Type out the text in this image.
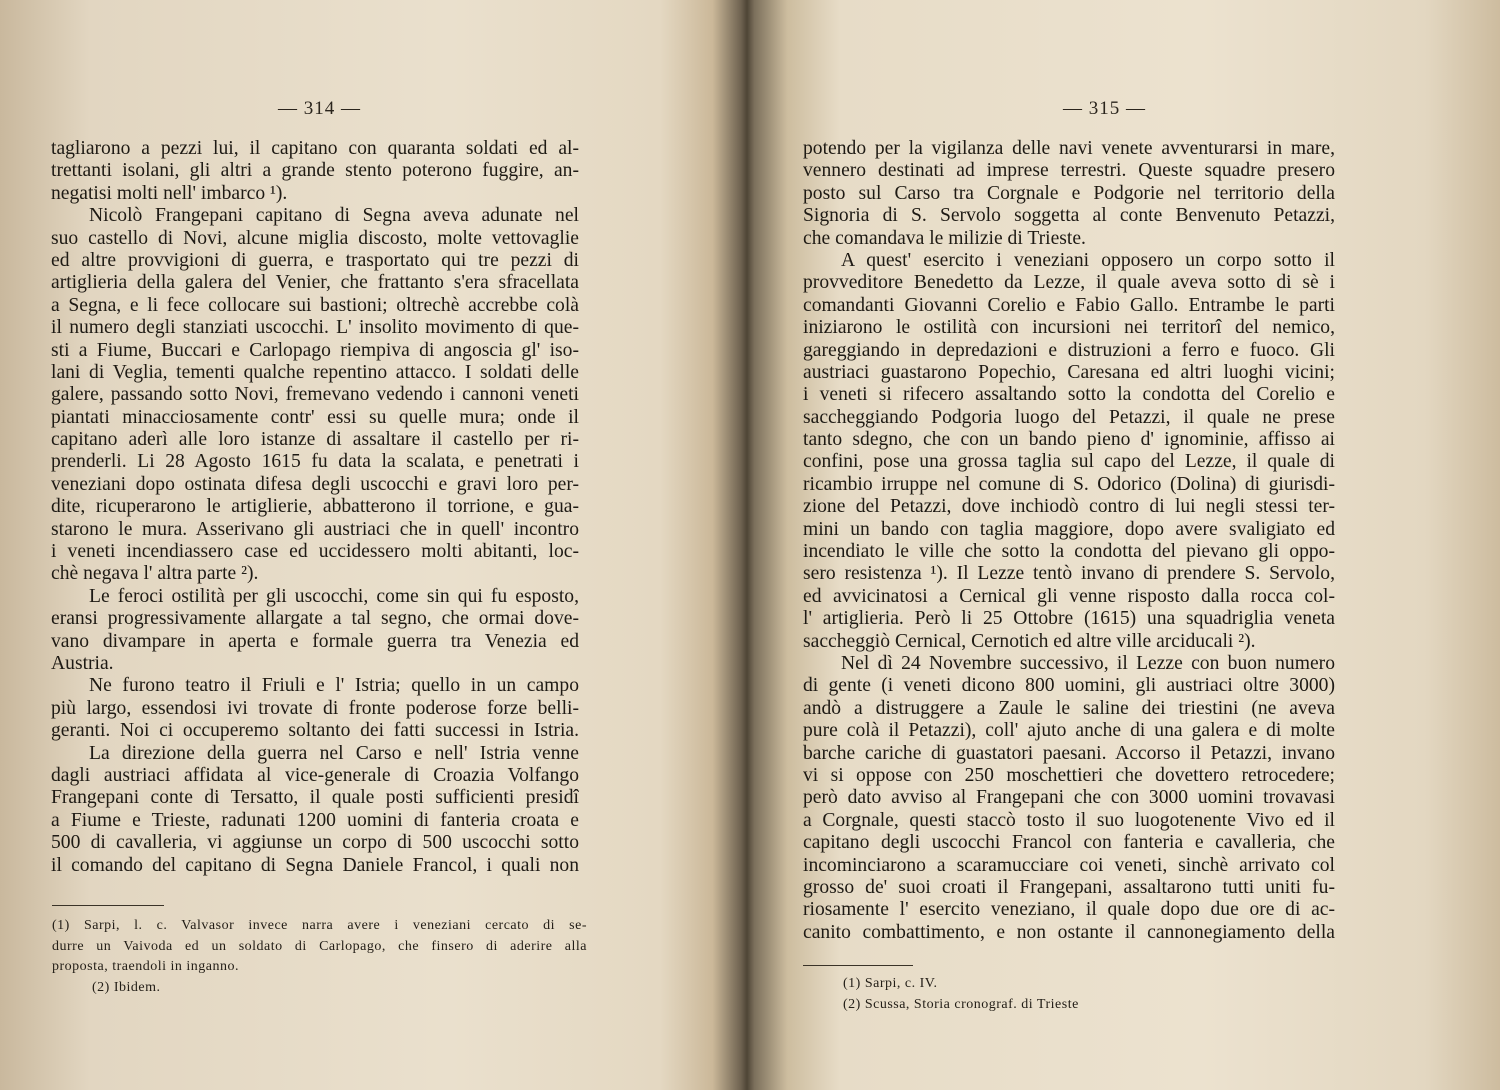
— 314 —
tagliarono a pezzi lui, il capitano con quaranta soldati ed al-
trettanti isolani, gli altri a grande stento poterono fuggire, an-
negatisi molti nell' imbarco ¹).
Nicolò Frangepani capitano di Segna aveva adunate nel
suo castello di Novi, alcune miglia discosto, molte vettovaglie
ed altre provvigioni di guerra, e trasportato qui tre pezzi di
artiglieria della galera del Venier, che frattanto s'era sfracellata
a Segna, e li fece collocare sui bastioni; oltrechè accrebbe colà
il numero degli stanziati uscocchi. L' insolito movimento di que-
sti a Fiume, Buccari e Carlopago riempiva di angoscia gl' iso-
lani di Veglia, tementi qualche repentino attacco. I soldati delle
galere, passando sotto Novi, fremevano vedendo i cannoni veneti
piantati minacciosamente contr' essi su quelle mura; onde il
capitano aderì alle loro istanze di assaltare il castello per ri-
prenderli. Li 28 Agosto 1615 fu data la scalata, e penetrati i
veneziani dopo ostinata difesa degli uscocchi e gravi loro per-
dite, ricuperarono le artiglierie, abbatterono il torrione, e gua-
starono le mura. Asserivano gli austriaci che in quell' incontro
i veneti incendiassero case ed uccidessero molti abitanti, loc-
chè negava l' altra parte ²).
Le feroci ostilità per gli uscocchi, come sin qui fu esposto,
eransi progressivamente allargate a tal segno, che ormai dove-
vano divampare in aperta e formale guerra tra Venezia ed
Austria.
Ne furono teatro il Friuli e l' Istria; quello in un campo
più largo, essendosi ivi trovate di fronte poderose forze belli-
geranti. Noi ci occuperemo soltanto dei fatti successi in Istria.
La direzione della guerra nel Carso e nell' Istria venne
dagli austriaci affidata al vice-generale di Croazia Volfango
Frangepani conte di Tersatto, il quale posti sufficienti presidî
a Fiume e Trieste, radunati 1200 uomini di fanteria croata e
500 di cavalleria, vi aggiunse un corpo di 500 uscocchi sotto
il comando del capitano di Segna Daniele Francol, i quali non
(1) Sarpi, l. c. Valvasor invece narra avere i veneziani cercato di se-
durre un Vaivoda ed un soldato di Carlopago, che finsero di aderire alla
proposta, traendoli in inganno.
(2) Ibidem.
— 315 —
potendo per la vigilanza delle navi venete avventurarsi in mare,
vennero destinati ad imprese terrestri. Queste squadre presero
posto sul Carso tra Corgnale e Podgorie nel territorio della
Signoria di S. Servolo soggetta al conte Benvenuto Petazzi,
che comandava le milizie di Trieste.
A quest' esercito i veneziani opposero un corpo sotto il
provveditore Benedetto da Lezze, il quale aveva sotto di sè i
comandanti Giovanni Corelio e Fabio Gallo. Entrambe le parti
iniziarono le ostilità con incursioni nei territorî del nemico,
gareggiando in depredazioni e distruzioni a ferro e fuoco. Gli
austriaci guastarono Popechio, Caresana ed altri luoghi vicini;
i veneti si rifecero assaltando sotto la condotta del Corelio e
saccheggiando Podgoria luogo del Petazzi, il quale ne prese
tanto sdegno, che con un bando pieno d' ignominie, affisso ai
confini, pose una grossa taglia sul capo del Lezze, il quale di
ricambio irruppe nel comune di S. Odorico (Dolina) di giurisdi-
zione del Petazzi, dove inchiodò contro di lui negli stessi ter-
mini un bando con taglia maggiore, dopo avere svaligiato ed
incendiato le ville che sotto la condotta del pievano gli oppo-
sero resistenza ¹). Il Lezze tentò invano di prendere S. Servolo,
ed avvicinatosi a Cernical gli venne risposto dalla rocca col-
l' artiglieria. Però li 25 Ottobre (1615) una squadriglia veneta
saccheggiò Cernical, Cernotich ed altre ville arciducali ²).
Nel dì 24 Novembre successivo, il Lezze con buon numero
di gente (i veneti dicono 800 uomini, gli austriaci oltre 3000)
andò a distruggere a Zaule le saline dei triestini (ne aveva
pure colà il Petazzi), coll' ajuto anche di una galera e di molte
barche cariche di guastatori paesani. Accorso il Petazzi, invano
vi si oppose con 250 moschettieri che dovettero retrocedere;
però dato avviso al Frangepani che con 3000 uomini trovavasi
a Corgnale, questi staccò tosto il suo luogotenente Vivo ed il
capitano degli uscocchi Francol con fanteria e cavalleria, che
incominciarono a scaramucciare coi veneti, sinchè arrivato col
grosso de' suoi croati il Frangepani, assaltarono tutti uniti fu-
riosamente l' esercito veneziano, il quale dopo due ore di ac-
canito combattimento, e non ostante il cannonegiamento della
(1) Sarpi, c. IV.
(2) Scussa, Storia cronograf. di Trieste
